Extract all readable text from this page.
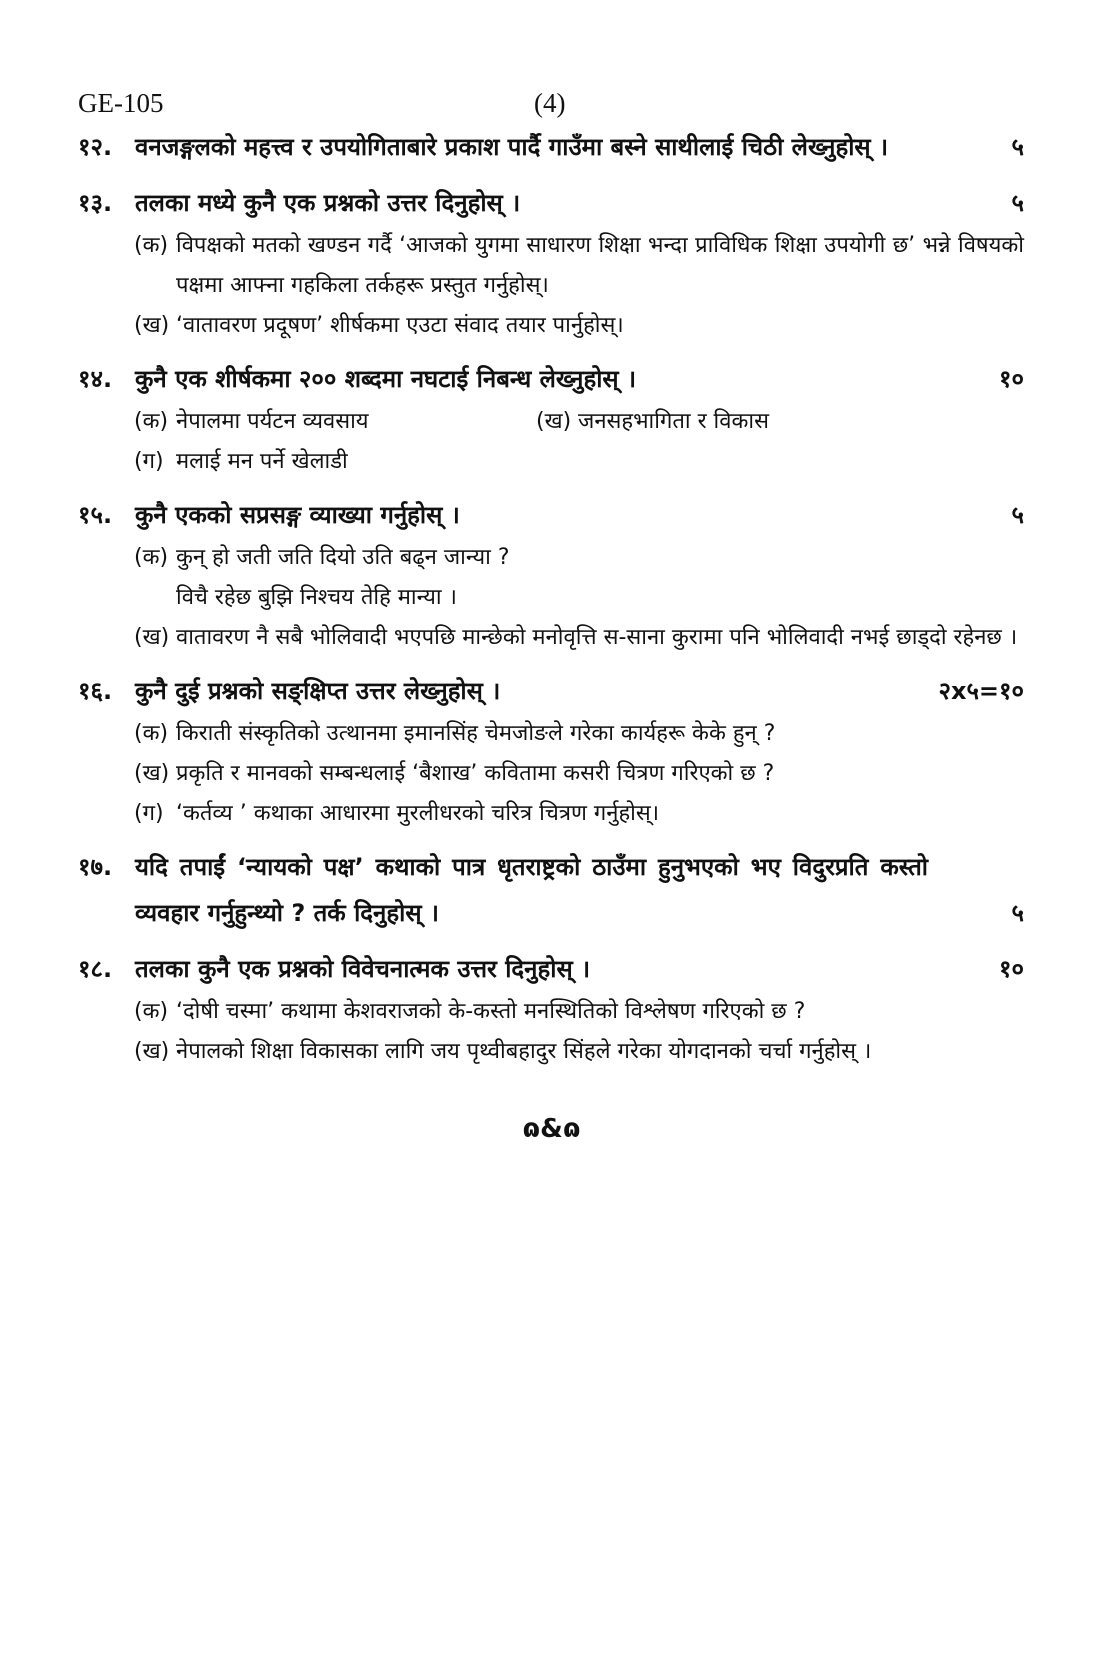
GE-105	(4)
१२. वनजङ्गलको महत्त्व र उपयोगिताबारे प्रकाश पार्दै गाउँमा बस्ने साथीलाई चिठी लेख्नुहोस् ।	५
१३. तलका मध्ये कुनै एक प्रश्नको उत्तर दिनुहोस् ।	५
(क) विपक्षको मतको खण्डन गर्दै ‘आजको युगमा साधारण शिक्षा भन्दा प्राविधिक शिक्षा उपयोगी छ’ भन्ने विषयको पक्षमा आफ्ना गहकिला तर्कहरू प्रस्तुत गर्नुहोस्।
(ख) ‘वातावरण प्रदूषण’ शीर्षकमा एउटा संवाद तयार पार्नुहोस्।
१४. कुनै एक शीर्षकमा २०० शब्दमा नघटाई निबन्ध लेख्नुहोस् ।	१०
(क) नेपालमा पर्यटन व्यवसाय	(ख) जनसहभागिता र विकास
(ग) मलाई मन पर्ने खेलाडी
१५. कुनै एकको सप्रसङ्ग व्याख्या गर्नुहोस् ।	५
(क) कुन् हो जती जति दियो उति बढ्न जान्या ?
विचै रहेछ बुझि निश्चय तेहि मान्या ।
(ख) वातावरण नै सबै भोलिवादी भएपछि मान्छेको मनोवृत्ति स-साना कुरामा पनि भोलिवादी नभई छाड्दो रहेनछ ।
१६. कुनै दुई प्रश्नको सङ्क्षिप्त उत्तर लेख्नुहोस् ।	२x५=१०
(क) किराती संस्कृतिको उत्थानमा इमानसिंह चेमजोङले गरेका कार्यहरू केके हुन् ?
(ख) प्रकृति र मानवको सम्बन्धलाई ‘बैशाख’ कवितामा कसरी चित्रण गरिएको छ ?
(ग) ‘कर्तव्य ’ कथाका आधारमा मुरलीधरको चरित्र चित्रण गर्नुहोस्।
१७. यदि तपाईं ‘न्यायको पक्ष’ कथाको पात्र धृतराष्ट्रको ठाउँमा हुनुभएको भए विदुरप्रति कस्तो व्यवहार गर्नुहुन्थ्यो ? तर्क दिनुहोस् ।	५
१८. तलका कुनै एक प्रश्नको विवेचनात्मक उत्तर दिनुहोस् ।	१०
(क) ‘दोषी चस्मा’ कथामा केशवराजको के-कस्तो मनस्थितिको विश्लेषण गरिएको छ ?
(ख) नेपालको शिक्षा विकासका लागि जय पृथ्वीबहादुर सिंहले गरेका योगदानको चर्चा गर्नुहोस् ।
ɷ&ɷ
